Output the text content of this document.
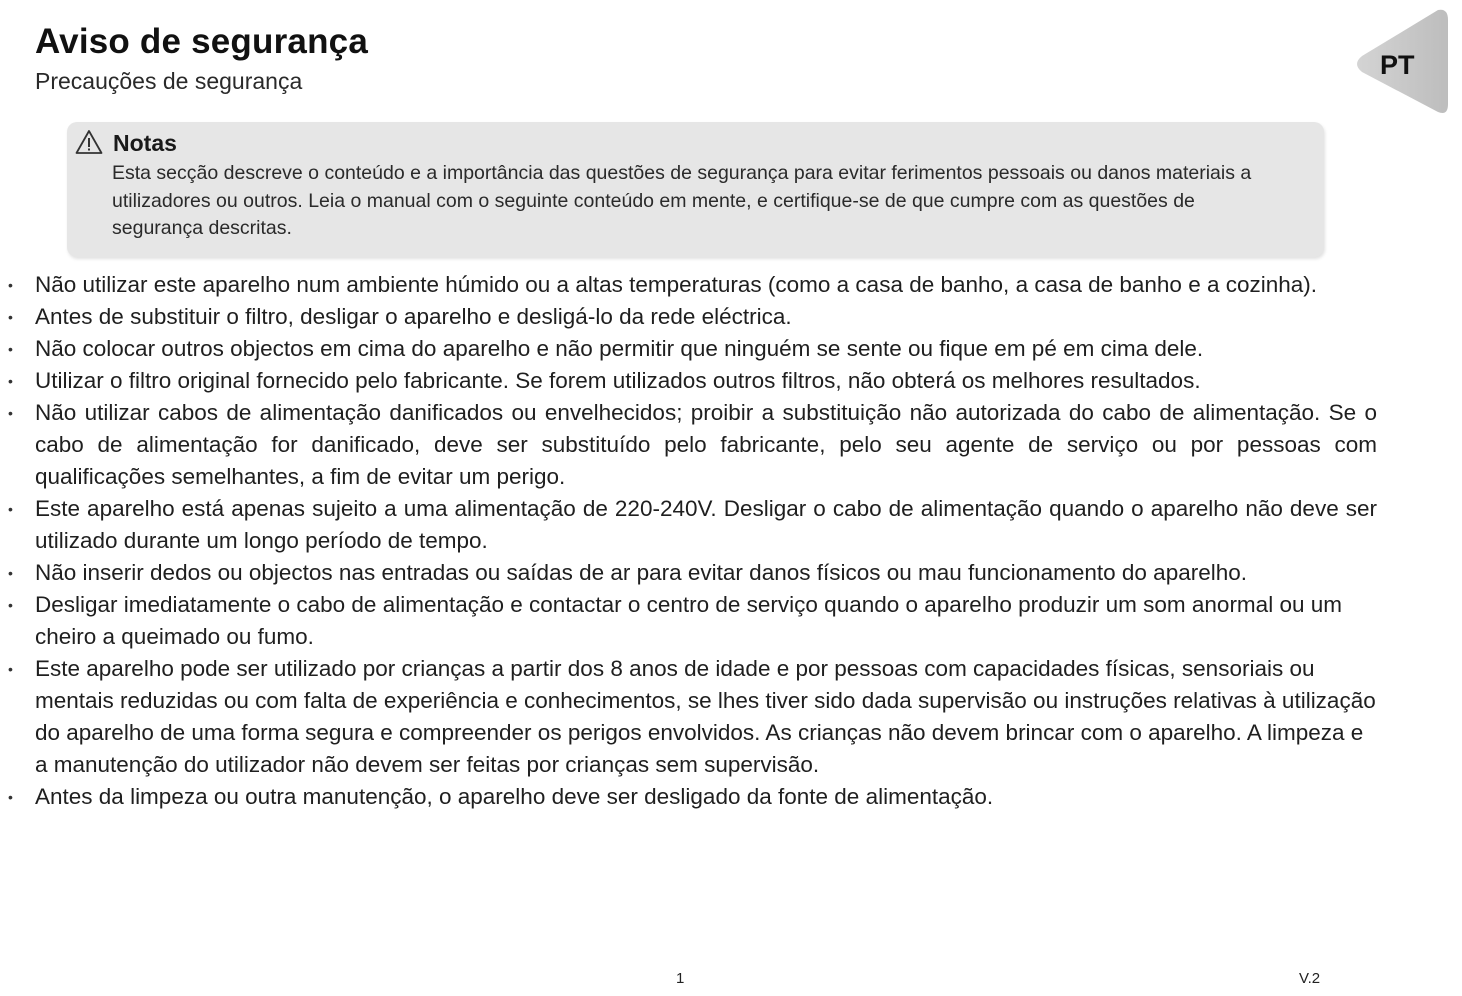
Aviso de segurança
Precauções de segurança
PT
Notas

Esta secção descreve o conteúdo e a importância das questões de segurança para evitar ferimentos pessoais ou danos materiais a utilizadores ou outros. Leia o manual com o seguinte conteúdo em mente, e certifique-se de que cumpre com as questões de segurança descritas.

• Não utilizar este aparelho num ambiente húmido ou a altas temperaturas (como a casa de banho, a casa de banho e a cozinha).
• Antes de substituir o filtro, desligar o aparelho e desligá-lo da rede eléctrica.
• Não colocar outros objectos em cima do aparelho e não permitir que ninguém se sente ou fique em pé em cima dele.
• Utilizar o filtro original fornecido pelo fabricante. Se forem utilizados outros filtros, não obterá os melhores resultados.
• Não utilizar cabos de alimentação danificados ou envelhecidos; proibir a substituição não autorizada do cabo de alimentação. Se o cabo de alimentação for danificado, deve ser substituído pelo fabricante, pelo seu agente de serviço ou por pessoas com qualificações semelhantes, a fim de evitar um perigo.
• Este aparelho está apenas sujeito a uma alimentação de 220-240V. Desligar o cabo de alimentação quando o aparelho não deve ser utilizado durante um longo período de tempo.
• Não inserir dedos ou objectos nas entradas ou saídas de ar para evitar danos físicos ou mau funcionamento do aparelho.
• Desligar imediatamente o cabo de alimentação e contactar o centro de serviço quando o aparelho produzir um som anormal ou um cheiro a queimado ou fumo.
• Este aparelho pode ser utilizado por crianças a partir dos 8 anos de idade e por pessoas com capacidades físicas, sensoriais ou mentais reduzidas ou com falta de experiência e conhecimentos, se lhes tiver sido dada supervisão ou instruções relativas à utilização do aparelho de uma forma segura e compreender os perigos envolvidos. As crianças não devem brincar com o aparelho. A limpeza e a manutenção do utilizador não devem ser feitas por crianças sem supervisão.
• Antes da limpeza ou outra manutenção, o aparelho deve ser desligado da fonte de alimentação.
1	V.2
